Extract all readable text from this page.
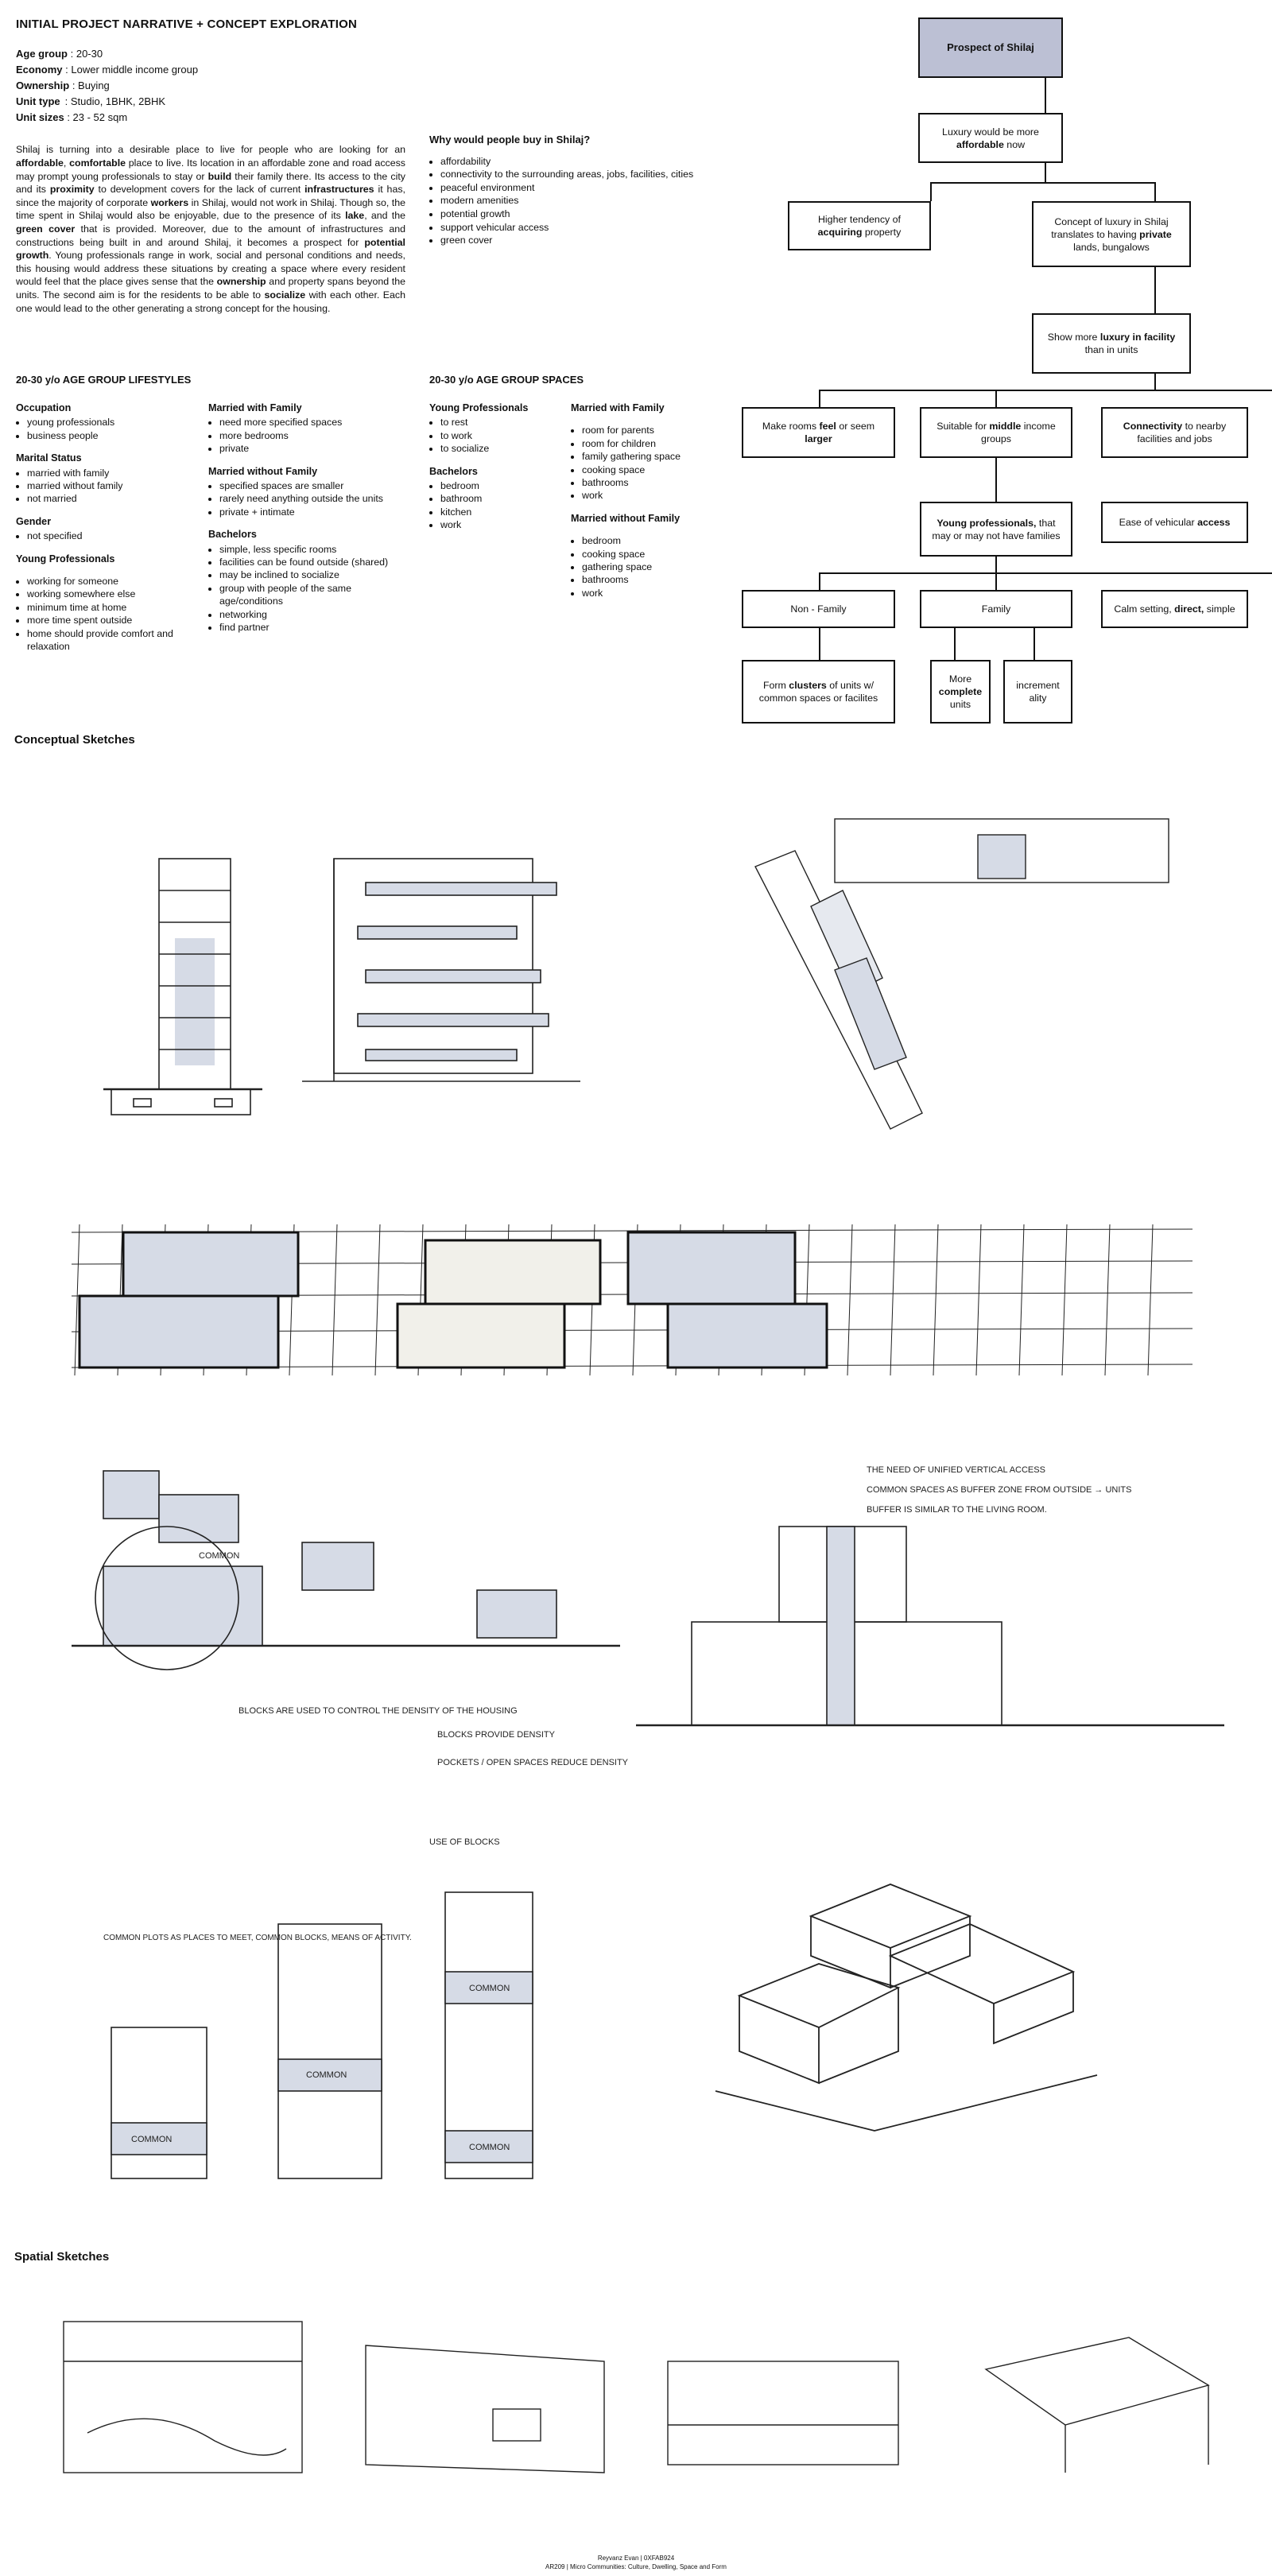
INITIAL PROJECT NARRATIVE + CONCEPT EXPLORATION
Age group : 20-30
Economy : Lower middle income group
Ownership : Buying
Unit type : Studio, 1BHK, 2BHK
Unit sizes : 23 - 52 sqm

Shilaj is turning into a desirable place to live for people who are looking for an affordable, comfortable place to live. Its location in an affordable zone and road access may prompt young professionals to stay or build their family there. Its access to the city and its proximity to development covers for the lack of current infrastructures it has, since the majority of corporate workers in Shilaj, would not work in Shilaj. Though so, the time spent in Shilaj would also be enjoyable, due to the presence of its lake, and the green cover that is provided. Moreover, due to the amount of infrastructures and constructions being built in and around Shilaj, it becomes a prospect for potential growth. Young professionals range in work, social and personal conditions and needs, this housing would address these situations by creating a space where every resident would feel that the place gives sense that the ownership and property spans beyond the units. The second aim is for the residents to be able to socialize with each other. Each one would lead to the other generating a strong concept for the housing.

Why would people buy in Shilaj?
• affordability
• connectivity to the surrounding areas, jobs, facilities, cities
• peaceful environment
• modern amenities
• potential growth
• support vehicular access
• green cover
20-30 y/o AGE GROUP LIFESTYLES
Occupation
• young professionals
• business people
Marital Status
• married with family
• married without family
• not married
Gender
• not specified
Young Professionals
• working for someone
• working somewhere else
• minimum time at home
• more time spent outside
• home should provide comfort and relaxation
Married with Family
• need more specified spaces
• more bedrooms
• private
Married without Family
• specified spaces are smaller
• rarely need anything outside the units
• private + intimate
Bachelors
• simple, less specific rooms
• facilities can be found outside (shared)
• may be inclined to socialize
• group with people of the same age/conditions
• networking
• find partner
20-30 y/o AGE GROUP SPACES
Young Professionals
• to rest
• to work
• to socialize
Bachelors
• bedroom
• bathroom
• kitchen
• work
Married with Family
• room for parents
• room for children
• family gathering space
• cooking space
• bathrooms
• work
Married without Family
• bedroom
• cooking space
• gathering space
• bathrooms
• work
Prospect of Shilaj
Luxury would be more affordable now
Higher tendency of acquiring property
Concept of luxury in Shilaj translates to having private lands, bungalows
Show more luxury in facility than in units
Make rooms feel or seem larger
Suitable for middle income groups
Connectivity to nearby facilities and jobs
Young professionals, that may or may not have families
Ease of vehicular access
Non - Family	Family	Calm setting, direct, simple
Form clusters of units w/ common spaces or facilites
More complete units
increment ality
Conceptual Sketches
COMMON
BLOCKS ARE USED TO CONTROL THE DENSITY OF THE HOUSING
BLOCKS PROVIDE DENSITY
POCKETS / OPEN SPACES REDUCE DENSITY
THE NEED OF UNIFIED VERTICAL ACCESS
COMMON SPACES AS BUFFER ZONE FROM OUTSIDE → UNITS
BUFFER IS SIMILAR TO THE LIVING ROOM.
USE OF BLOCKS
COMMON PLOTS AS PLACES TO MEET, COMMON BLOCKS, MEANS OF ACTIVITY.
COMMON
COMMON
COMMON
COMMON
Spatial Sketches
Reyvanz Evan | 0XFAB924
AR209 | Micro Communities: Culture, Dwelling, Space and Form
